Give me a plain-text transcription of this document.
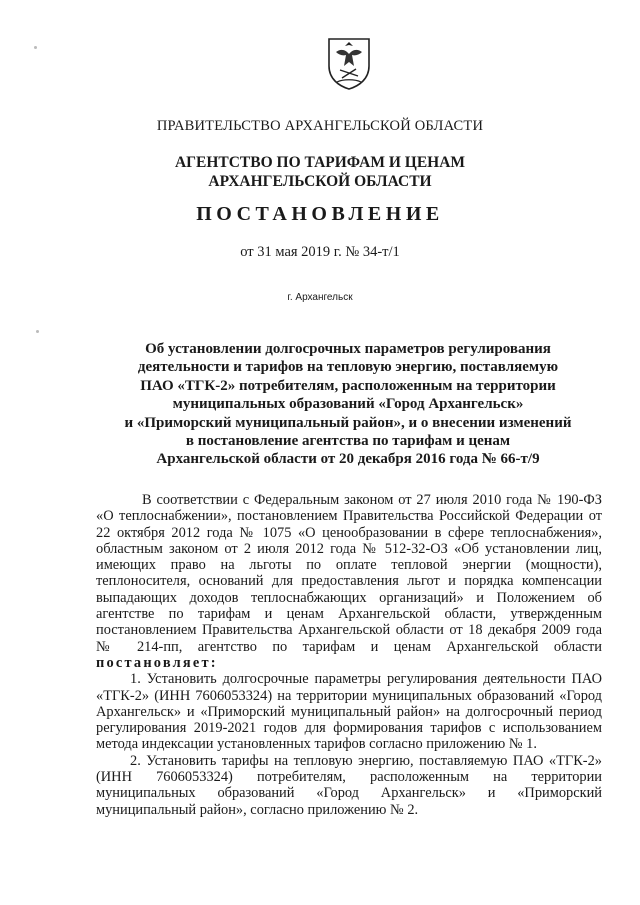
ПРАВИТЕЛЬСТВО АРХАНГЕЛЬСКОЙ ОБЛАСТИ
АГЕНТСТВО ПО ТАРИФАМ И ЦЕНАМ
АРХАНГЕЛЬСКОЙ ОБЛАСТИ
ПОСТАНОВЛЕНИЕ
от 31 мая 2019 г. № 34-т/1
г. Архангельск
Об установлении долгосрочных параметров регулирования
деятельности и тарифов на тепловую энергию, поставляемую
ПАО «ТГК-2» потребителям, расположенным на территории
муниципальных образований «Город Архангельск»
и «Приморский муниципальный район», и о внесении изменений
в постановление агентства по тарифам и ценам
Архангельской области от 20 декабря 2016 года № 66-т/9

В соответствии с Федеральным законом от 27 июля 2010 года № 190-ФЗ «О теплоснабжении», постановлением Правительства Российской Федерации от 22 октября 2012 года № 1075 «О ценообразовании в сфере теплоснабжения», областным законом от 2 июля 2012 года № 512-32-ОЗ «Об установлении лиц, имеющих право на льготы по оплате тепловой энергии (мощности), теплоносителя, оснований для предоставления льгот и порядка компенсации выпадающих доходов теплоснабжающих организаций» и Положением об агентстве по тарифам и ценам Архангельской области, утвержденным постановлением Правительства Архангельской области от 18 декабря 2009 года № 214-пп, агентство по тарифам и ценам Архангельской области постановляет:

1. Установить долгосрочные параметры регулирования деятельности ПАО «ТГК-2» (ИНН 7606053324) на территории муниципальных образований «Город Архангельск» и «Приморский муниципальный район» на долгосрочный период регулирования 2019-2021 годов для формирования тарифов с использованием метода индексации установленных тарифов согласно приложению № 1.

2. Установить тарифы на тепловую энергию, поставляемую ПАО «ТГК-2» (ИНН 7606053324) потребителям, расположенным на территории муниципальных образований «Город Архангельск» и «Приморский муниципальный район», согласно приложению № 2.
